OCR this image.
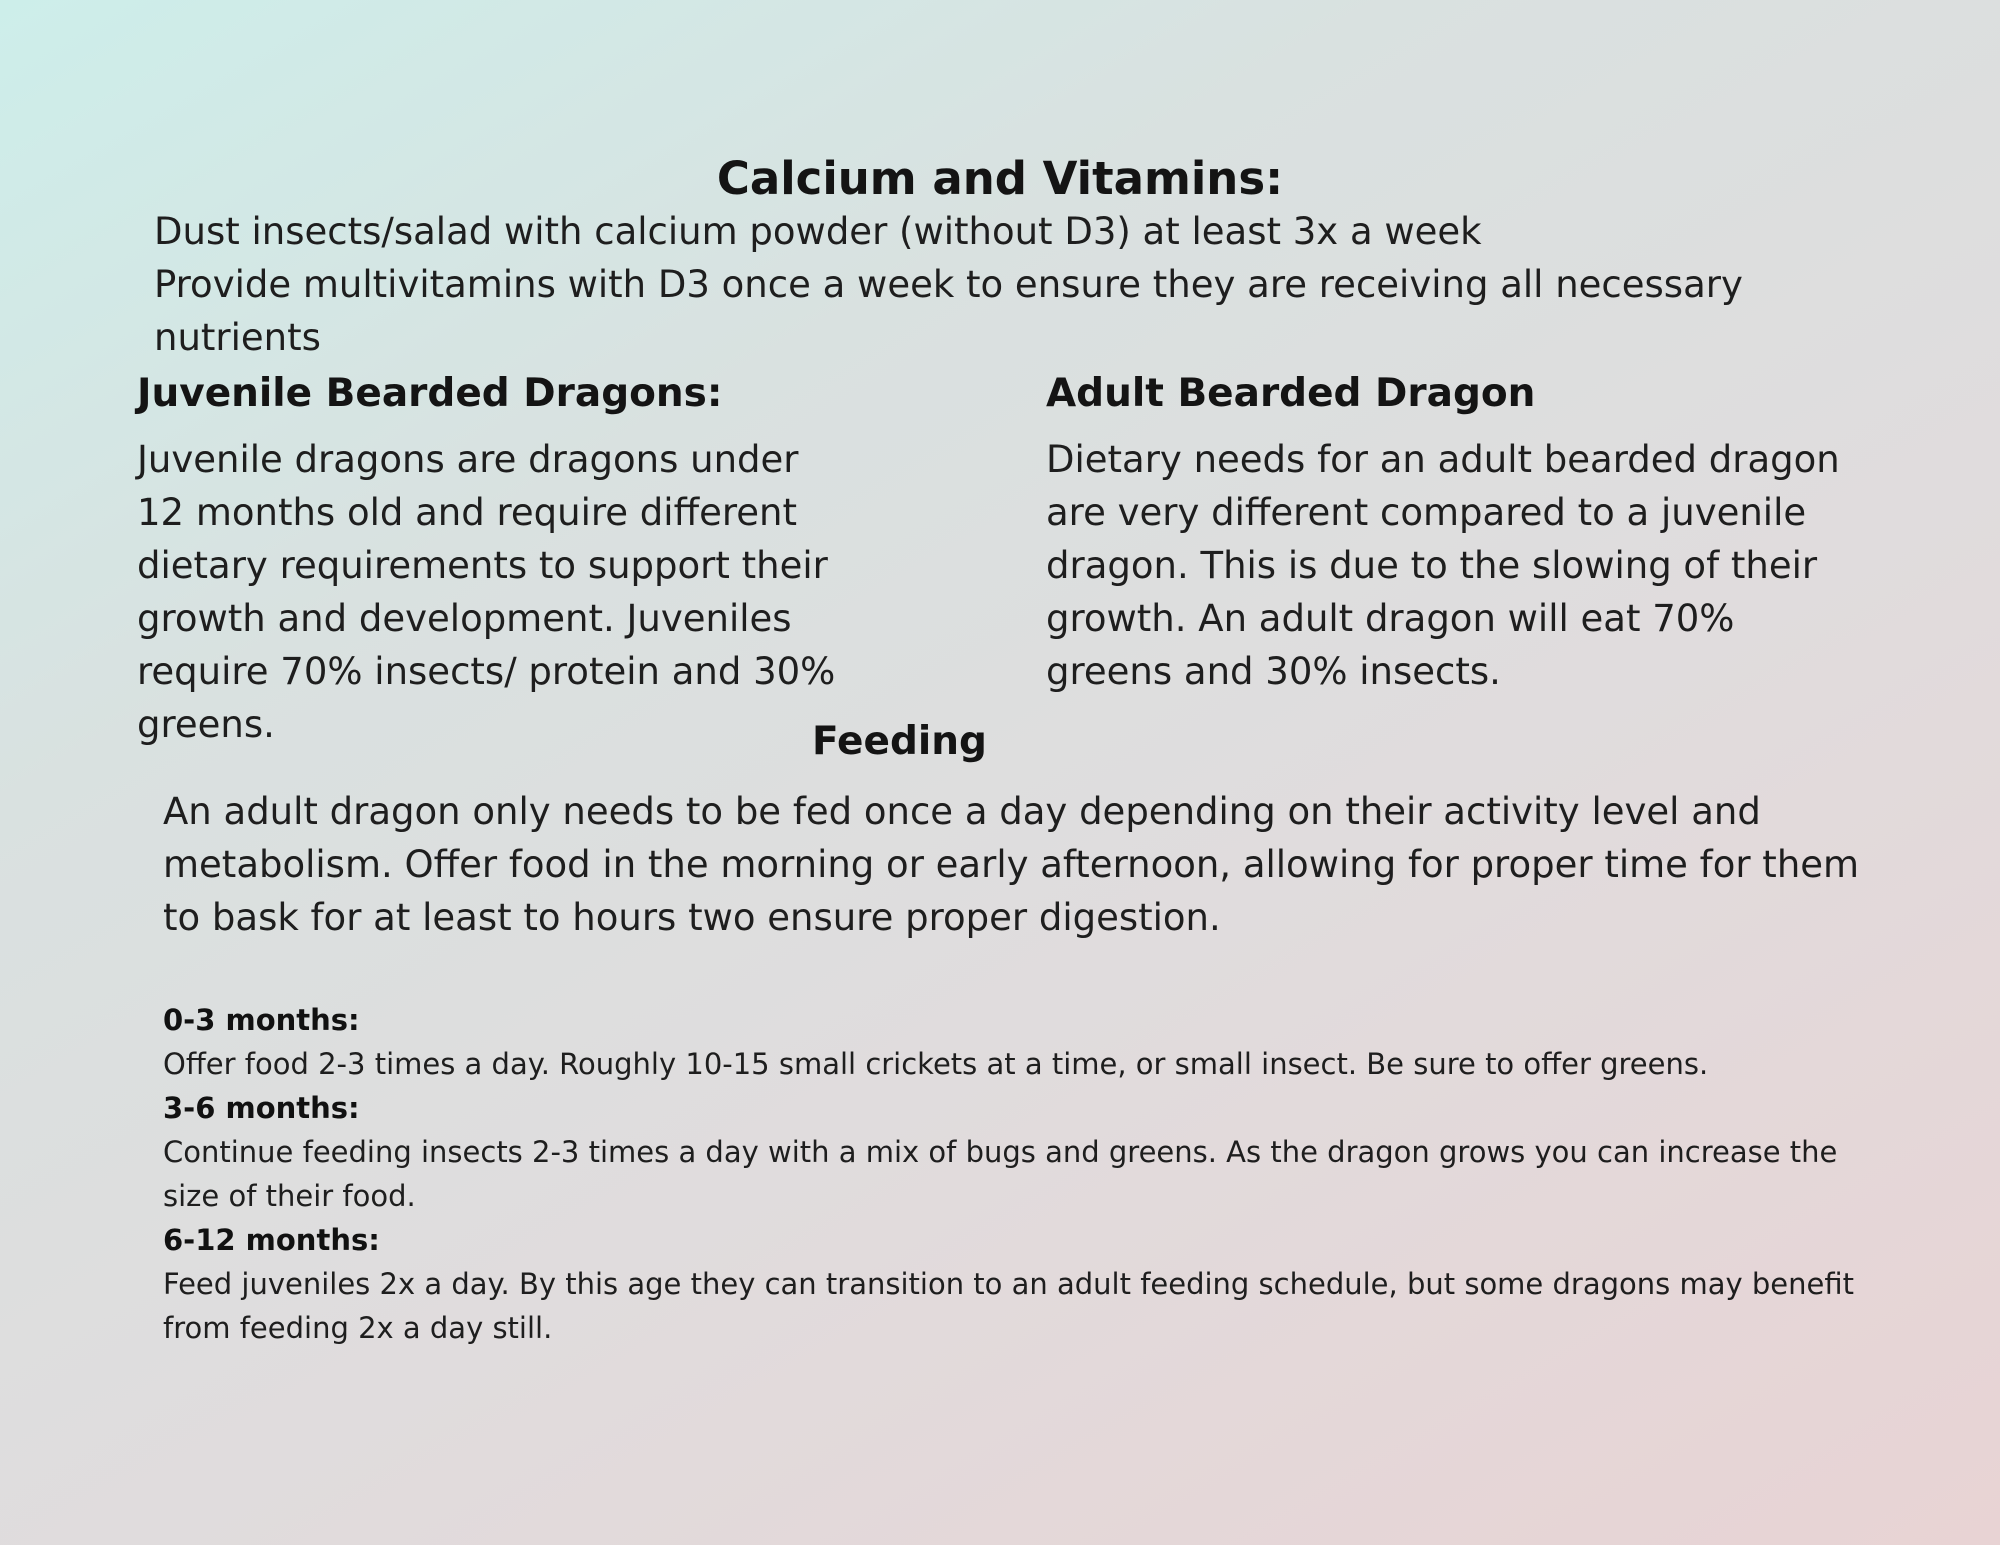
Calcium and Vitamins:

Dust insects/salad with calcium powder (without D3) at least 3x a week

Provide multivitamins with D3 once a week to ensure they are receiving all necessary nutrients

Juvenile Bearded Dragons:
Juvenile dragons are dragons under 12 months old and require different dietary requirements to support their growth and development. Juveniles require 70% insects/ protein and 30% greens.
Adult Bearded Dragon
Dietary needs for an adult bearded dragon are very different compared to a juvenile dragon. This is due to the slowing of their growth. An adult dragon will eat 70% greens and 30% insects.
Feeding
An adult dragon only needs to be fed once a day depending on their activity level and metabolism. Offer food in the morning or early afternoon, allowing for proper time for them to bask for at least to hours two ensure proper digestion.
0-3 months:
Offer food 2-3 times a day. Roughly 10-15 small crickets at a time, or small insect. Be sure to offer greens.
3-6 months:
Continue feeding insects 2-3 times a day with a mix of bugs and greens. As the dragon grows you can increase the size of their food.
6-12 months:
Feed juveniles 2x a day. By this age they can transition to an adult feeding schedule, but some dragons may benefit from feeding 2x a day still.
